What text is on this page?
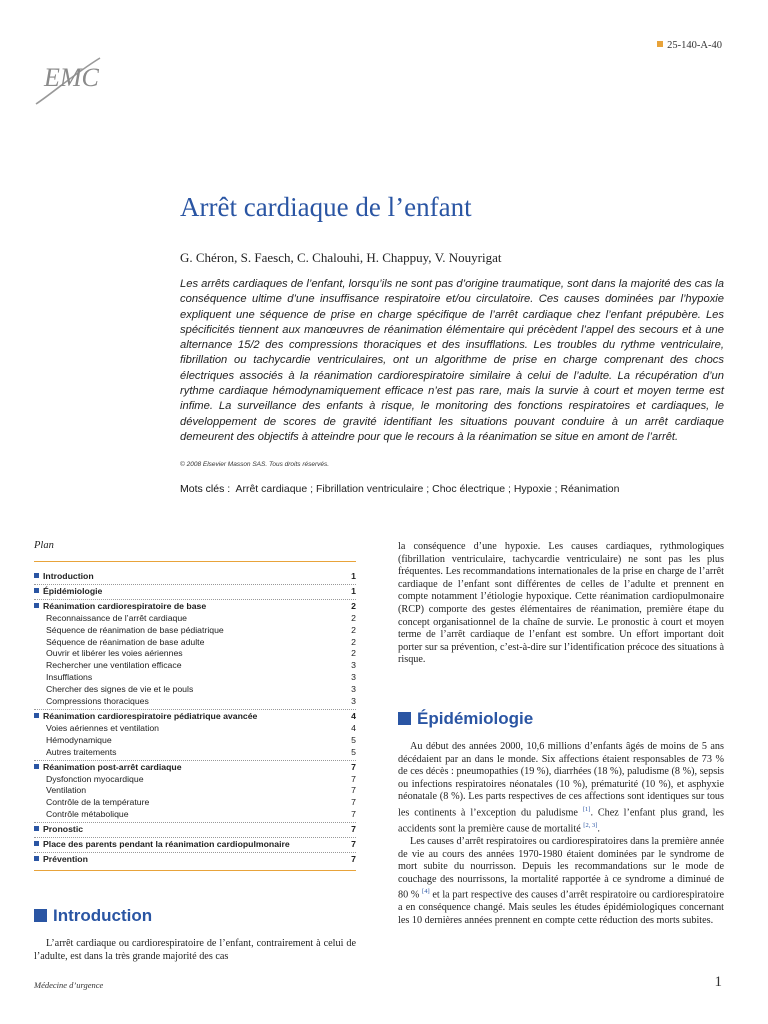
EMC
25-140-A-40
Arrêt cardiaque de l’enfant
G. Chéron, S. Faesch, C. Chalouhi, H. Chappuy, V. Nouyrigat

Les arrêts cardiaques de l’enfant, lorsqu’ils ne sont pas d’origine traumatique, sont dans la majorité des cas la conséquence ultime d’une insuffisance respiratoire et/ou circulatoire. Ces causes dominées par l’hypoxie expliquent une séquence de prise en charge spécifique de l’arrêt cardiaque chez l’enfant prépubère. Les spécificités tiennent aux manœuvres de réanimation élémentaire qui précèdent l’appel des secours et à une alternance 15/2 des compressions thoraciques et des insufflations. Les troubles du rythme ventriculaire, fibrillation ou tachycardie ventriculaires, ont un algorithme de prise en charge comprenant des chocs électriques associés à la réanimation cardiorespiratoire similaire à celui de l’adulte. La récupération d’un rythme cardiaque hémodynamiquement efficace n’est pas rare, mais la survie à court et moyen terme est infime. La surveillance des enfants à risque, le monitoring des fonctions respiratoires et cardiaques, le développement de scores de gravité identifiant les situations pouvant conduire à un arrêt cardiaque demeurent des objectifs à atteindre pour que le recours à la réanimation se situe en amont de l’arrêt.

© 2008 Elsevier Masson SAS. Tous droits réservés.
Mots clés : Arrêt cardiaque ; Fibrillation ventriculaire ; Choc électrique ; Hypoxie ; Réanimation
Plan
Introduction	1
Épidémiologie	1
Réanimation cardiorespiratoire de base	2
Reconnaissance de l’arrêt cardiaque	2
Séquence de réanimation de base pédiatrique	2
Séquence de réanimation de base adulte	2
Ouvrir et libérer les voies aériennes	2
Rechercher une ventilation efficace	3
Insufflations	3
Chercher des signes de vie et le pouls	3
Compressions thoraciques	3
Réanimation cardiorespiratoire pédiatrique avancée	4
Voies aériennes et ventilation	4
Hémodynamique	5
Autres traitements	5
Réanimation post-arrêt cardiaque	7
Dysfonction myocardique	7
Ventilation	7
Contrôle de la température	7
Contrôle métabolique	7
Pronostic	7
Place des parents pendant la réanimation cardiopulmonaire	7
Prévention	7
Introduction

L’arrêt cardiaque ou cardiorespiratoire de l’enfant, contrairement à celui de l’adulte, est dans la très grande majorité des cas

la conséquence d’une hypoxie. Les causes cardiaques, rythmologiques (fibrillation ventriculaire, tachycardie ventriculaire) ne sont pas les plus fréquentes. Les recommandations internationales de la prise en charge de l’arrêt cardiaque de l’enfant sont différentes de celles de l’adulte et prennent en compte notamment l’étiologie hypoxique. Cette réanimation cardiopulmonaire (RCP) comporte des gestes élémentaires de réanimation, première étape du concept organisationnel de la chaîne de survie. Le pronostic à court et moyen terme de l’arrêt cardiaque de l’enfant est sombre. Un effort important doit porter sur sa prévention, c’est-à-dire sur l’identification précoce des situations à risque.

Épidémiologie

Au début des années 2000, 10,6 millions d’enfants âgés de moins de 5 ans décédaient par an dans le monde. Six affections étaient responsables de 73 % de ces décès : pneumopathies (19 %), diarrhées (18 %), paludisme (8 %), sepsis ou infections respiratoires néonatales (10 %), prématurité (10 %), et asphyxie néonatale (8 %). Les parts respectives de ces affections sont identiques sur tous les continents à l’exception du paludisme [1]. Chez l’enfant plus grand, les accidents sont la première cause de mortalité [2, 3].

Les causes d’arrêt respiratoires ou cardiorespiratoires dans la première année de vie au cours des années 1970-1980 étaient dominées par le syndrome de mort subite du nourrisson. Depuis les recommandations sur le mode de couchage des nourrissons, la mortalité rapportée à ce syndrome a diminué de 80 % [4] et la part respective des causes d’arrêt respiratoire ou cardiorespiratoire a en conséquence changé. Mais seules les études épidémiologiques concernant les 10 dernières années prennent en compte cette réduction des morts subites.

Médecine d’urgence	1
